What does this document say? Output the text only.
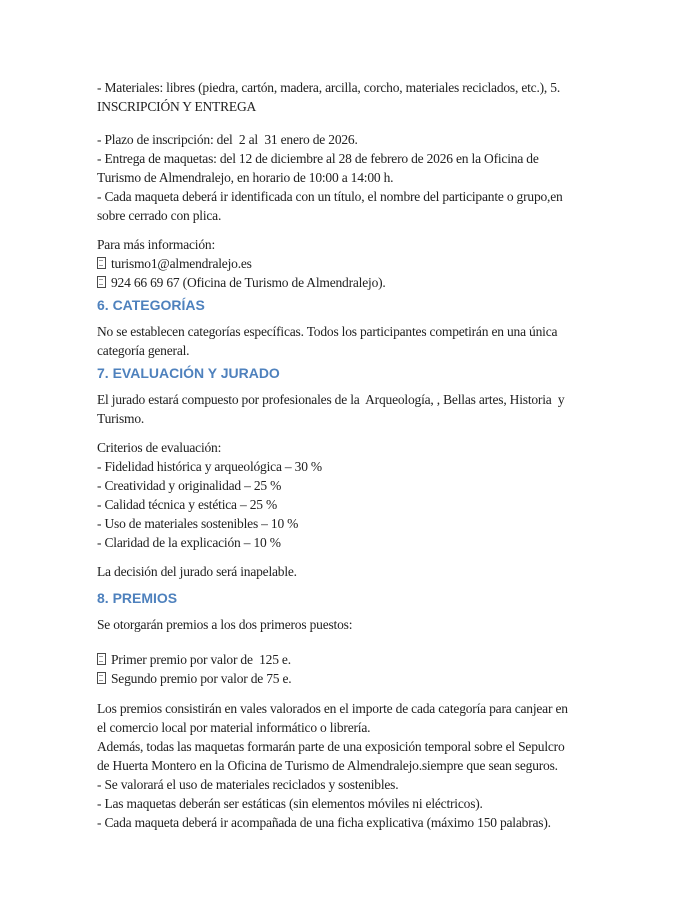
- Materiales: libres (piedra, cartón, madera, arcilla, corcho, materiales reciclados, etc.), 5.
INSCRIPCIÓN Y ENTREGA

- Plazo de inscripción: del  2 al  31 enero de 2026.
- Entrega de maquetas: del 12 de diciembre al 28 de febrero de 2026 en la Oficina de
Turismo de Almendralejo, en horario de 10:00 a 14:00 h.
- Cada maqueta deberá ir identificada con un título, el nombre del participante o grupo,en
sobre cerrado con plica.

Para más información:
turismo1@almendralejo.es
924 66 69 67 (Oficina de Turismo de Almendralejo).

6. CATEGORÍAS

No se establecen categorías específicas. Todos los participantes competirán en una única
categoría general.

7. EVALUACIÓN Y JURADO

El jurado estará compuesto por profesionales de la  Arqueología, , Bellas artes, Historia  y
Turismo.

Criterios de evaluación:
- Fidelidad histórica y arqueológica – 30 %
- Creatividad y originalidad – 25 %
- Calidad técnica y estética – 25 %
- Uso de materiales sostenibles – 10 %
- Claridad de la explicación – 10 %

La decisión del jurado será inapelable.

8. PREMIOS

Se otorgarán premios a los dos primeros puestos:

Primer premio por valor de  125 e.
Segundo premio por valor de 75 e.

Los premios consistirán en vales valorados en el importe de cada categoría para canjear en
el comercio local por material informático o librería.
Además, todas las maquetas formarán parte de una exposición temporal sobre el Sepulcro
de Huerta Montero en la Oficina de Turismo de Almendralejo.siempre que sean seguros.
- Se valorará el uso de materiales reciclados y sostenibles.
- Las maquetas deberán ser estáticas (sin elementos móviles ni eléctricos).
- Cada maqueta deberá ir acompañada de una ficha explicativa (máximo 150 palabras).
